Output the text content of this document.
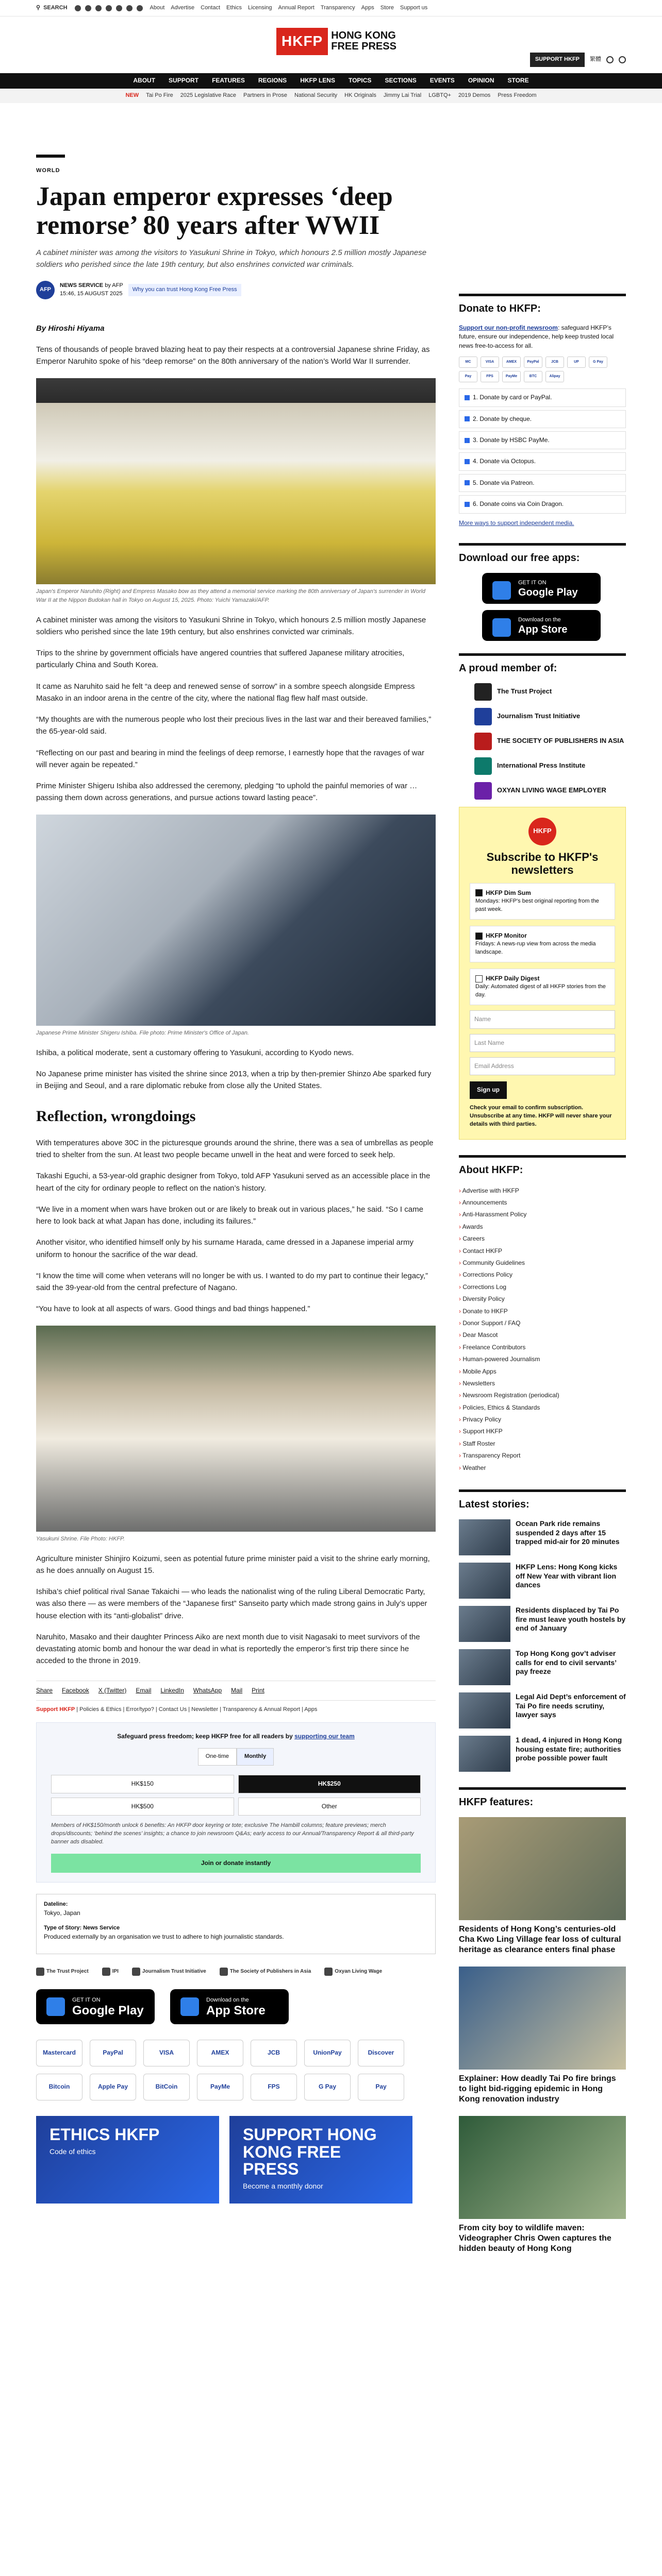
⚲ SEARCH	About Advertise Contact Ethics Licensing Annual Report Transparency Apps Store Support us
HKFP HONG KONG
FREE PRESS
SUPPORT HKFP	繁體
ABOUT SUPPORT FEATURES REGIONS HKFP LENS TOPICS SECTIONS EVENTS OPINION STORE
NEW Tai Po Fire 2025 Legislative Race Partners in Prose National Security HK Originals Jimmy Lai Trial LGBTQ+ 2019 Demos Press Freedom
WORLD
Japan emperor expresses ‘deep remorse’ 80 years after WWII
A cabinet minister was among the visitors to Yasukuni Shrine in Tokyo, which honours 2.5 million mostly Japanese soldiers who perished since the late 19th century, but also enshrines convicted war criminals.
AFP
NEWS SERVICE by AFP
15:46, 15 AUGUST 2025
Why you can trust Hong Kong Free Press
By Hiroshi Hiyama

Tens of thousands of people braved blazing heat to pay their respects at a controversial Japanese shrine Friday, as Emperor Naruhito spoke of his “deep remorse” on the 80th anniversary of the nation’s World War II surrender.

Japan's Emperor Naruhito (Right) and Empress Masako bow as they attend a memorial service marking the 80th anniversary of Japan's surrender in World War II at the Nippon Budokan hall in Tokyo on August 15, 2025. Photo: Yuichi Yamazaki/AFP.

A cabinet minister was among the visitors to Yasukuni Shrine in Tokyo, which honours 2.5 million mostly Japanese soldiers who perished since the late 19th century, but also enshrines convicted war criminals.

Trips to the shrine by government officials have angered countries that suffered Japanese military atrocities, particularly China and South Korea.

It came as Naruhito said he felt “a deep and renewed sense of sorrow” in a sombre speech alongside Empress Masako in an indoor arena in the centre of the city, where the national flag flew half mast outside.

“My thoughts are with the numerous people who lost their precious lives in the last war and their bereaved families,” the 65-year-old said.

“Reflecting on our past and bearing in mind the feelings of deep remorse, I earnestly hope that the ravages of war will never again be repeated.”

Prime Minister Shigeru Ishiba also addressed the ceremony, pledging “to uphold the painful memories of war … passing them down across generations, and pursue actions toward lasting peace”.

Japanese Prime Minister Shigeru Ishiba. File photo: Prime Minister's Office of Japan.

Ishiba, a political moderate, sent a customary offering to Yasukuni, according to Kyodo news.

No Japanese prime minister has visited the shrine since 2013, when a trip by then-premier Shinzo Abe sparked fury in Beijing and Seoul, and a rare diplomatic rebuke from close ally the United States.

Reflection, wrongdoings

With temperatures above 30C in the picturesque grounds around the shrine, there was a sea of umbrellas as people tried to shelter from the sun. At least two people became unwell in the heat and were forced to seek help.

Takashi Eguchi, a 53-year-old graphic designer from Tokyo, told AFP Yasukuni served as an accessible place in the heart of the city for ordinary people to reflect on the nation’s history.

“We live in a moment when wars have broken out or are likely to break out in various places,” he said. “So I came here to look back at what Japan has done, including its failures.”

Another visitor, who identified himself only by his surname Harada, came dressed in a Japanese imperial army uniform to honour the sacrifice of the war dead.

“I know the time will come when veterans will no longer be with us. I wanted to do my part to continue their legacy,” said the 39-year-old from the central prefecture of Nagano.

“You have to look at all aspects of wars. Good things and bad things happened.”

Yasukuni Shrine. File Photo: HKFP.

Agriculture minister Shinjiro Koizumi, seen as potential future prime minister paid a visit to the shrine early morning, as he does annually on August 15.

Ishiba’s chief political rival Sanae Takaichi — who leads the nationalist wing of the ruling Liberal Democratic Party, was also there — as were members of the “Japanese first” Sanseito party which made strong gains in July’s upper house election with its “anti-globalist” drive.

Naruhito, Masako and their daughter Princess Aiko are next month due to visit Nagasaki to meet survivors of the devastating atomic bomb and honour the war dead in what is reportedly the emperor’s first trip there since he acceded to the throne in 2019.

Share Facebook X (Twitter) Email LinkedIn WhatsApp Mail Print
Support HKFP | Policies & Ethics | Error/typo? | Contact Us | Newsletter | Transparency & Annual Report | Apps
Safeguard press freedom; keep HKFP free for all readers by supporting our team
One-time	Monthly
HK$150	HK$250
HK$500	Other
Members of HK$150/month unlock 6 benefits: An HKFP door keyring or tote; exclusive The Hambill columns; feature previews; merch drops/discounts; ‘behind the scenes’ insights; a chance to join newsroom Q&As; early access to our Annual/Transparency Report & all third-party banner ads disabled.
Join or donate instantly
Dateline:
Tokyo, Japan
Type of Story: News Service
Produced externally by an organisation we trust to adhere to high journalistic standards.
The Trust Project	IPI	Journalism Trust Initiative	The Society of Publishers in Asia	Oxyan Living Wage
GET IT ON
Google Play
Download on the
App Store
Mastercard	PayPal	VISA	AMEX	JCB	UnionPay	Discover
Bitcoin	Apple Pay	BitCoin	PayMe	FPS	G Pay	Pay
ETHICS HKFP
Code of ethics
SUPPORT HONG KONG FREE PRESS
Become a monthly donor
Donate to HKFP:
Support our non-profit newsroom: safeguard HKFP’s future, ensure our independence, help keep trusted local news free-to-access for all.
MC	VISA	AMEX	PayPal	JCB	UP	G Pay
Pay	FPS	PayMe	BTC	Alipay
1. Donate by card or PayPal.
2. Donate by cheque.
3. Donate by HSBC PayMe.
4. Donate via Octopus.
5. Donate via Patreon.
6. Donate coins via Coin Dragon.
More ways to support independent media.
Download our free apps:
GET IT ON
Google Play
Download on the
App Store
A proud member of:
The Trust Project
Journalism Trust Initiative
THE SOCIETY OF PUBLISHERS IN ASIA
International Press Institute
OXYAN LIVING WAGE EMPLOYER
HKFP
Subscribe to HKFP's newsletters
HKFP Dim Sum
Mondays: HKFP's best original reporting from the past week.
HKFP Monitor
Fridays: A news-rup view from across the media landscape.
HKFP Daily Digest
Daily: Automated digest of all HKFP stories from the day.
Name
Last Name
Email Address
Sign up
Check your email to confirm subscription. Unsubscribe at any time. HKFP will never share your details with third parties.
About HKFP:
› Advertise with HKFP
› Announcements
› Anti-Harassment Policy
› Awards
› Careers
› Contact HKFP
› Community Guidelines
› Corrections Policy
› Corrections Log
› Diversity Policy
› Donate to HKFP
› Donor Support / FAQ
› Dear Mascot
› Freelance Contributors
› Human-powered Journalism
› Mobile Apps
› Newsletters
› Newsroom Registration (periodical)
› Policies, Ethics & Standards
› Privacy Policy
› Support HKFP
› Staff Roster
› Transparency Report
› Weather
Latest stories:
Ocean Park ride remains suspended 2 days after 15 trapped mid-air for 20 minutes
HKFP Lens: Hong Kong kicks off New Year with vibrant lion dances
Residents displaced by Tai Po fire must leave youth hostels by end of January
Top Hong Kong gov’t adviser calls for end to civil servants’ pay freeze
Legal Aid Dept’s enforcement of Tai Po fire needs scrutiny, lawyer says
1 dead, 4 injured in Hong Kong housing estate fire; authorities probe possible power fault
HKFP features:
Residents of Hong Kong’s centuries-old Cha Kwo Ling Village fear loss of cultural heritage as clearance enters final phase
Explainer: How deadly Tai Po fire brings to light bid-rigging epidemic in Hong Kong renovation industry
From city boy to wildlife maven: Videographer Chris Owen captures the hidden beauty of Hong Kong
